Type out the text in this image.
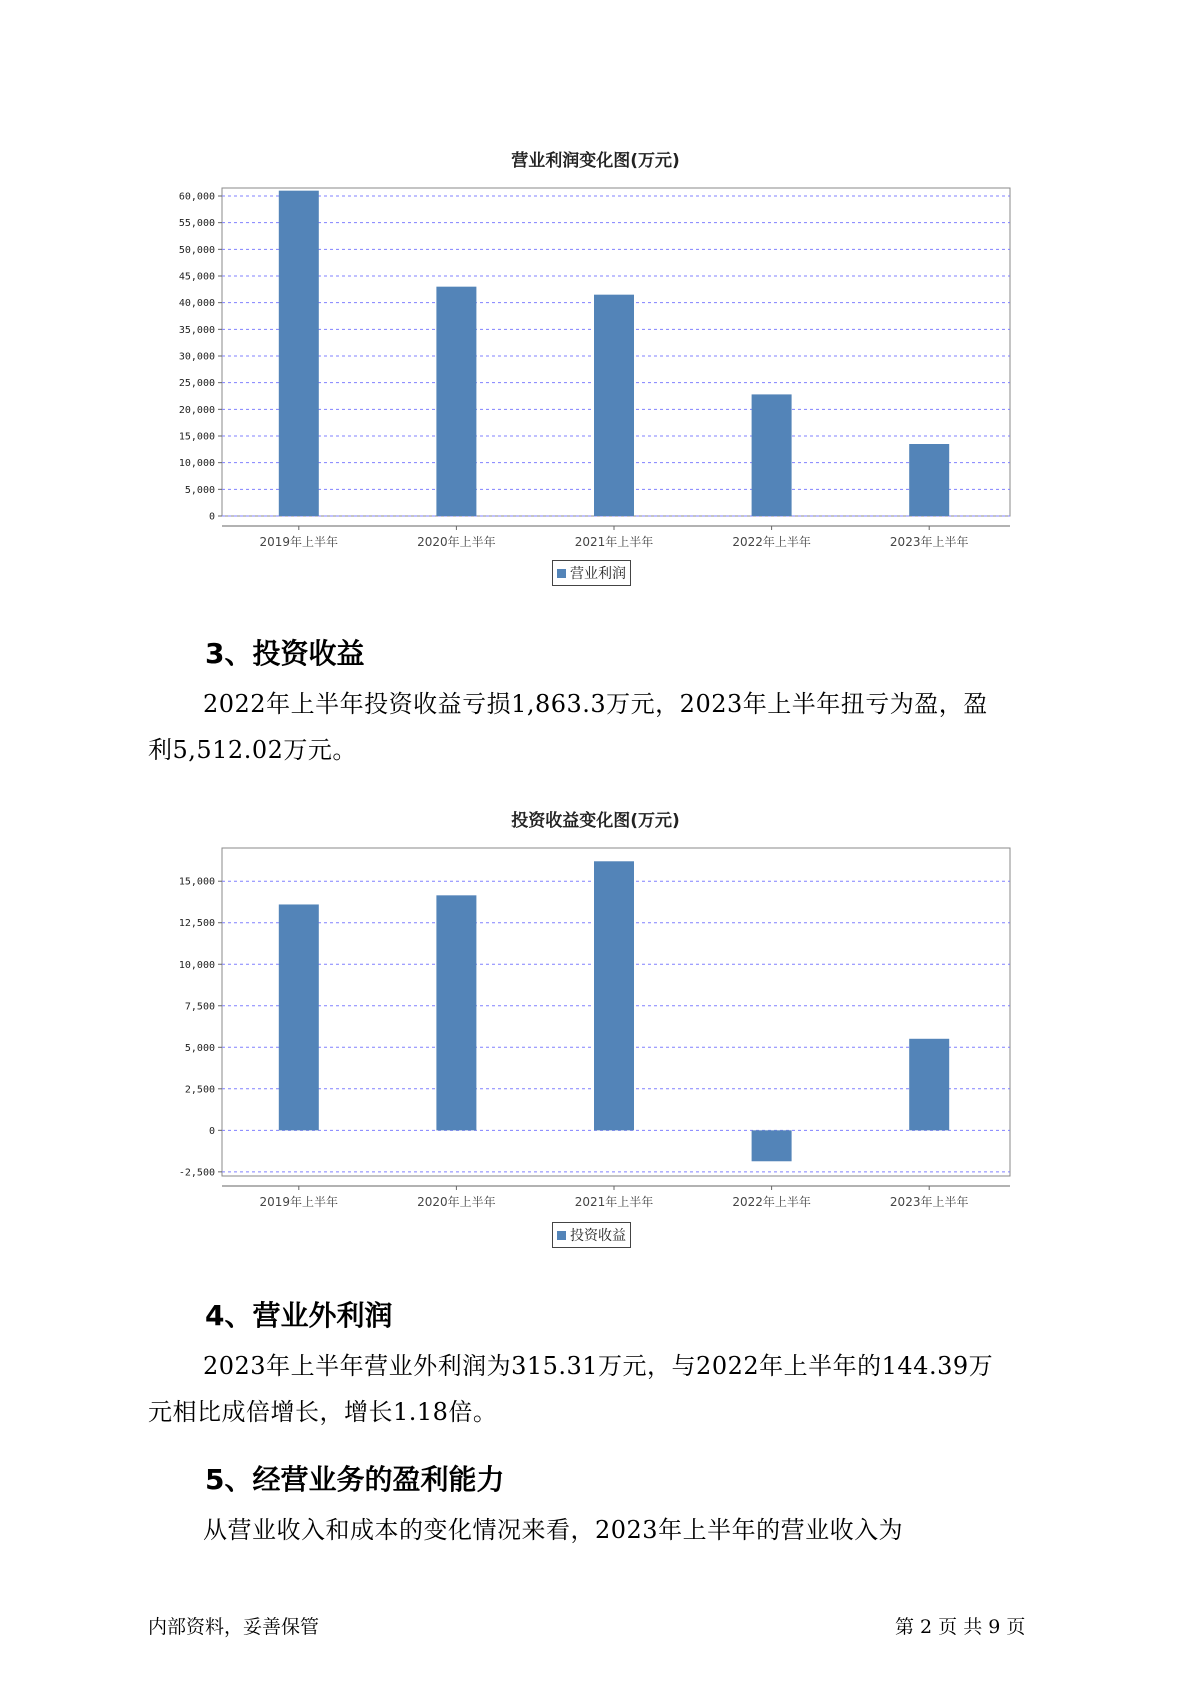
营业利润变化图(万元)
0
5,000
10,000
15,000
20,000
25,000
30,000
35,000
40,000
45,000
50,000
55,000
60,000
2019年上半年	2020年上半年	2021年上半年	2022年上半年	2023年上半年
营业利润
3、投资收益
2022年上半年投资收益亏损1,863.3万元，2023年上半年扭亏为盈，盈
利5,512.02万元。
投资收益变化图(万元)
-2,500
0
2,500
5,000
7,500
10,000
12,500
15,000
2019年上半年	2020年上半年	2021年上半年	2022年上半年	2023年上半年
投资收益
4、营业外利润
2023年上半年营业外利润为315.31万元，与2022年上半年的144.39万
元相比成倍增长，增长1.18倍。
5、经营业务的盈利能力
从营业收入和成本的变化情况来看，2023年上半年的营业收入为
内部资料，妥善保管	第 2 页 共 9 页
